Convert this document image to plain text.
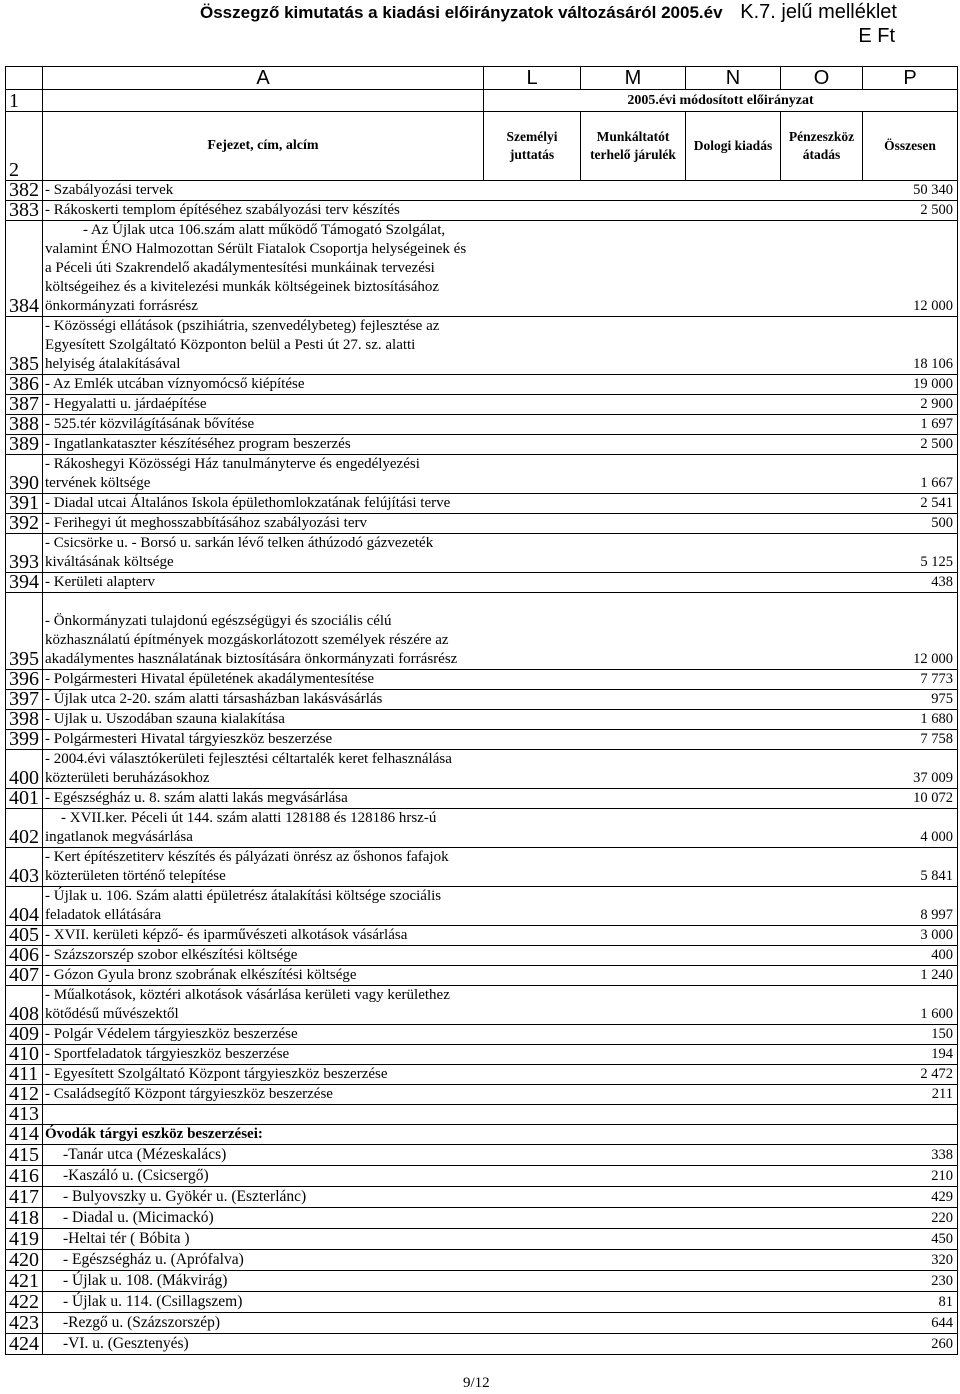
Összegző kimutatás a kiadási előirányzatok változásáról 2005.év K.7. jelű melléklet
E Ft
	A	L	M	N	O	P
1		2005.évi módosított előirányzat				
2	Fejezet, cím, alcím	Személyi juttatás	Munkáltatót terhelő járulék	Dologi kiadás	Pénzeszköz átadás	Összesen
382	- Szabályozási tervek					50 340
383	- Rákoskerti templom építéséhez szabályozási terv készítés					2 500
384	- Az Újlak utca 106.szám alatt működő Támogató Szolgálat,
valamint ÉNO Halmozottan Sérült Fiatalok Csoportja helységeinek és
a Péceli úti Szakrendelő akadálymentesítési munkáinak tervezési
költségeihez és a kivitelezési munkák költségeinek biztosításához
önkormányzati forrásrész					12 000
385	- Közösségi ellátások (pszihiátria, szenvedélybeteg) fejlesztése az
Egyesített Szolgáltató Központon belül a Pesti út 27. sz. alatti
helyiség átalakításával					18 106
386	- Az Emlék utcában víznyomócső kiépítése					19 000
387	- Hegyalatti u. járdaépítése					2 900
388	- 525.tér közvilágításának bővítése					1 697
389	- Ingatlankataszter készítéséhez program beszerzés					2 500
390	- Rákoshegyi Közösségi Ház tanulmányterve és engedélyezési
tervének költsége					1 667
391	- Diadal utcai Általános Iskola épülethomlokzatának felújítási terve					2 541
392	- Ferihegyi út meghosszabbításához szabályozási terv					500
393	- Csicsörke u. - Borsó u. sarkán lévő telken áthúzodó gázvezeték
kiváltásának költsége					5 125
394	- Kerületi alapterv					438
395	- Önkormányzati tulajdonú egészségügyi és szociális célú
közhasználatú építmények mozgáskorlátozott személyek részére az
akadálymentes használatának biztosítására önkormányzati forrásrész					12 000
396	- Polgármesteri Hivatal épületének akadálymentesítése					7 773
397	- Újlak utca 2-20. szám alatti társasházban lakásvásárlás					975
398	- Ujlak u. Uszodában szauna kialakítása					1 680
399	- Polgármesteri Hivatal tárgyieszköz beszerzése					7 758
400	- 2004.évi választókerületi fejlesztési céltartalék keret felhasználása
közterületi beruházásokhoz					37 009
401	- Egészségház u. 8. szám alatti lakás megvásárlása					10 072
402	- XVII.ker. Péceli út 144. szám alatti 128188 és 128186 hrsz-ú
ingatlanok megvásárlása					4 000
403	- Kert építészetiterv készítés és pályázati önrész az őshonos fafajok
közterületen történő telepítése					5 841
404	- Újlak u. 106. Szám alatti épületrész átalakítási költsége szociális
feladatok ellátására					8 997
405	- XVII. kerületi képző- és iparművészeti alkotások vásárlása					3 000
406	- Százszorszép szobor elkészítési költsége					400
407	- Gózon Gyula bronz szobrának elkészítési költsége					1 240
408	- Műalkotások, köztéri alkotások vásárlása kerületi vagy kerülethez
kötődésű művészektől					1 600
409	- Polgár Védelem tárgyieszköz beszerzése					150
410	- Sportfeladatok tárgyieszköz beszerzése					194
411	- Egyesített Szolgáltató Központ tárgyieszköz beszerzése					2 472
412	- Családsegítő Központ tárgyieszköz beszerzése					211
413						
414	Óvodák tárgyi eszköz beszerzései:					
415	-Tanár utca (Mézeskalács)					338
416	-Kaszáló u. (Csicsergő)					210
417	- Bulyovszky u. Gyökér u. (Eszterlánc)					429
418	- Diadal u. (Micimackó)					220
419	-Heltai tér ( Bóbita )					450
420	- Egészségház u. (Aprófalva)					320
421	- Újlak u. 108. (Mákvirág)					230
422	- Újlak u. 114. (Csillagszem)					81
423	-Rezgő u. (Százszorszép)					644
424	-VI. u. (Gesztenyés)					260
9/12
